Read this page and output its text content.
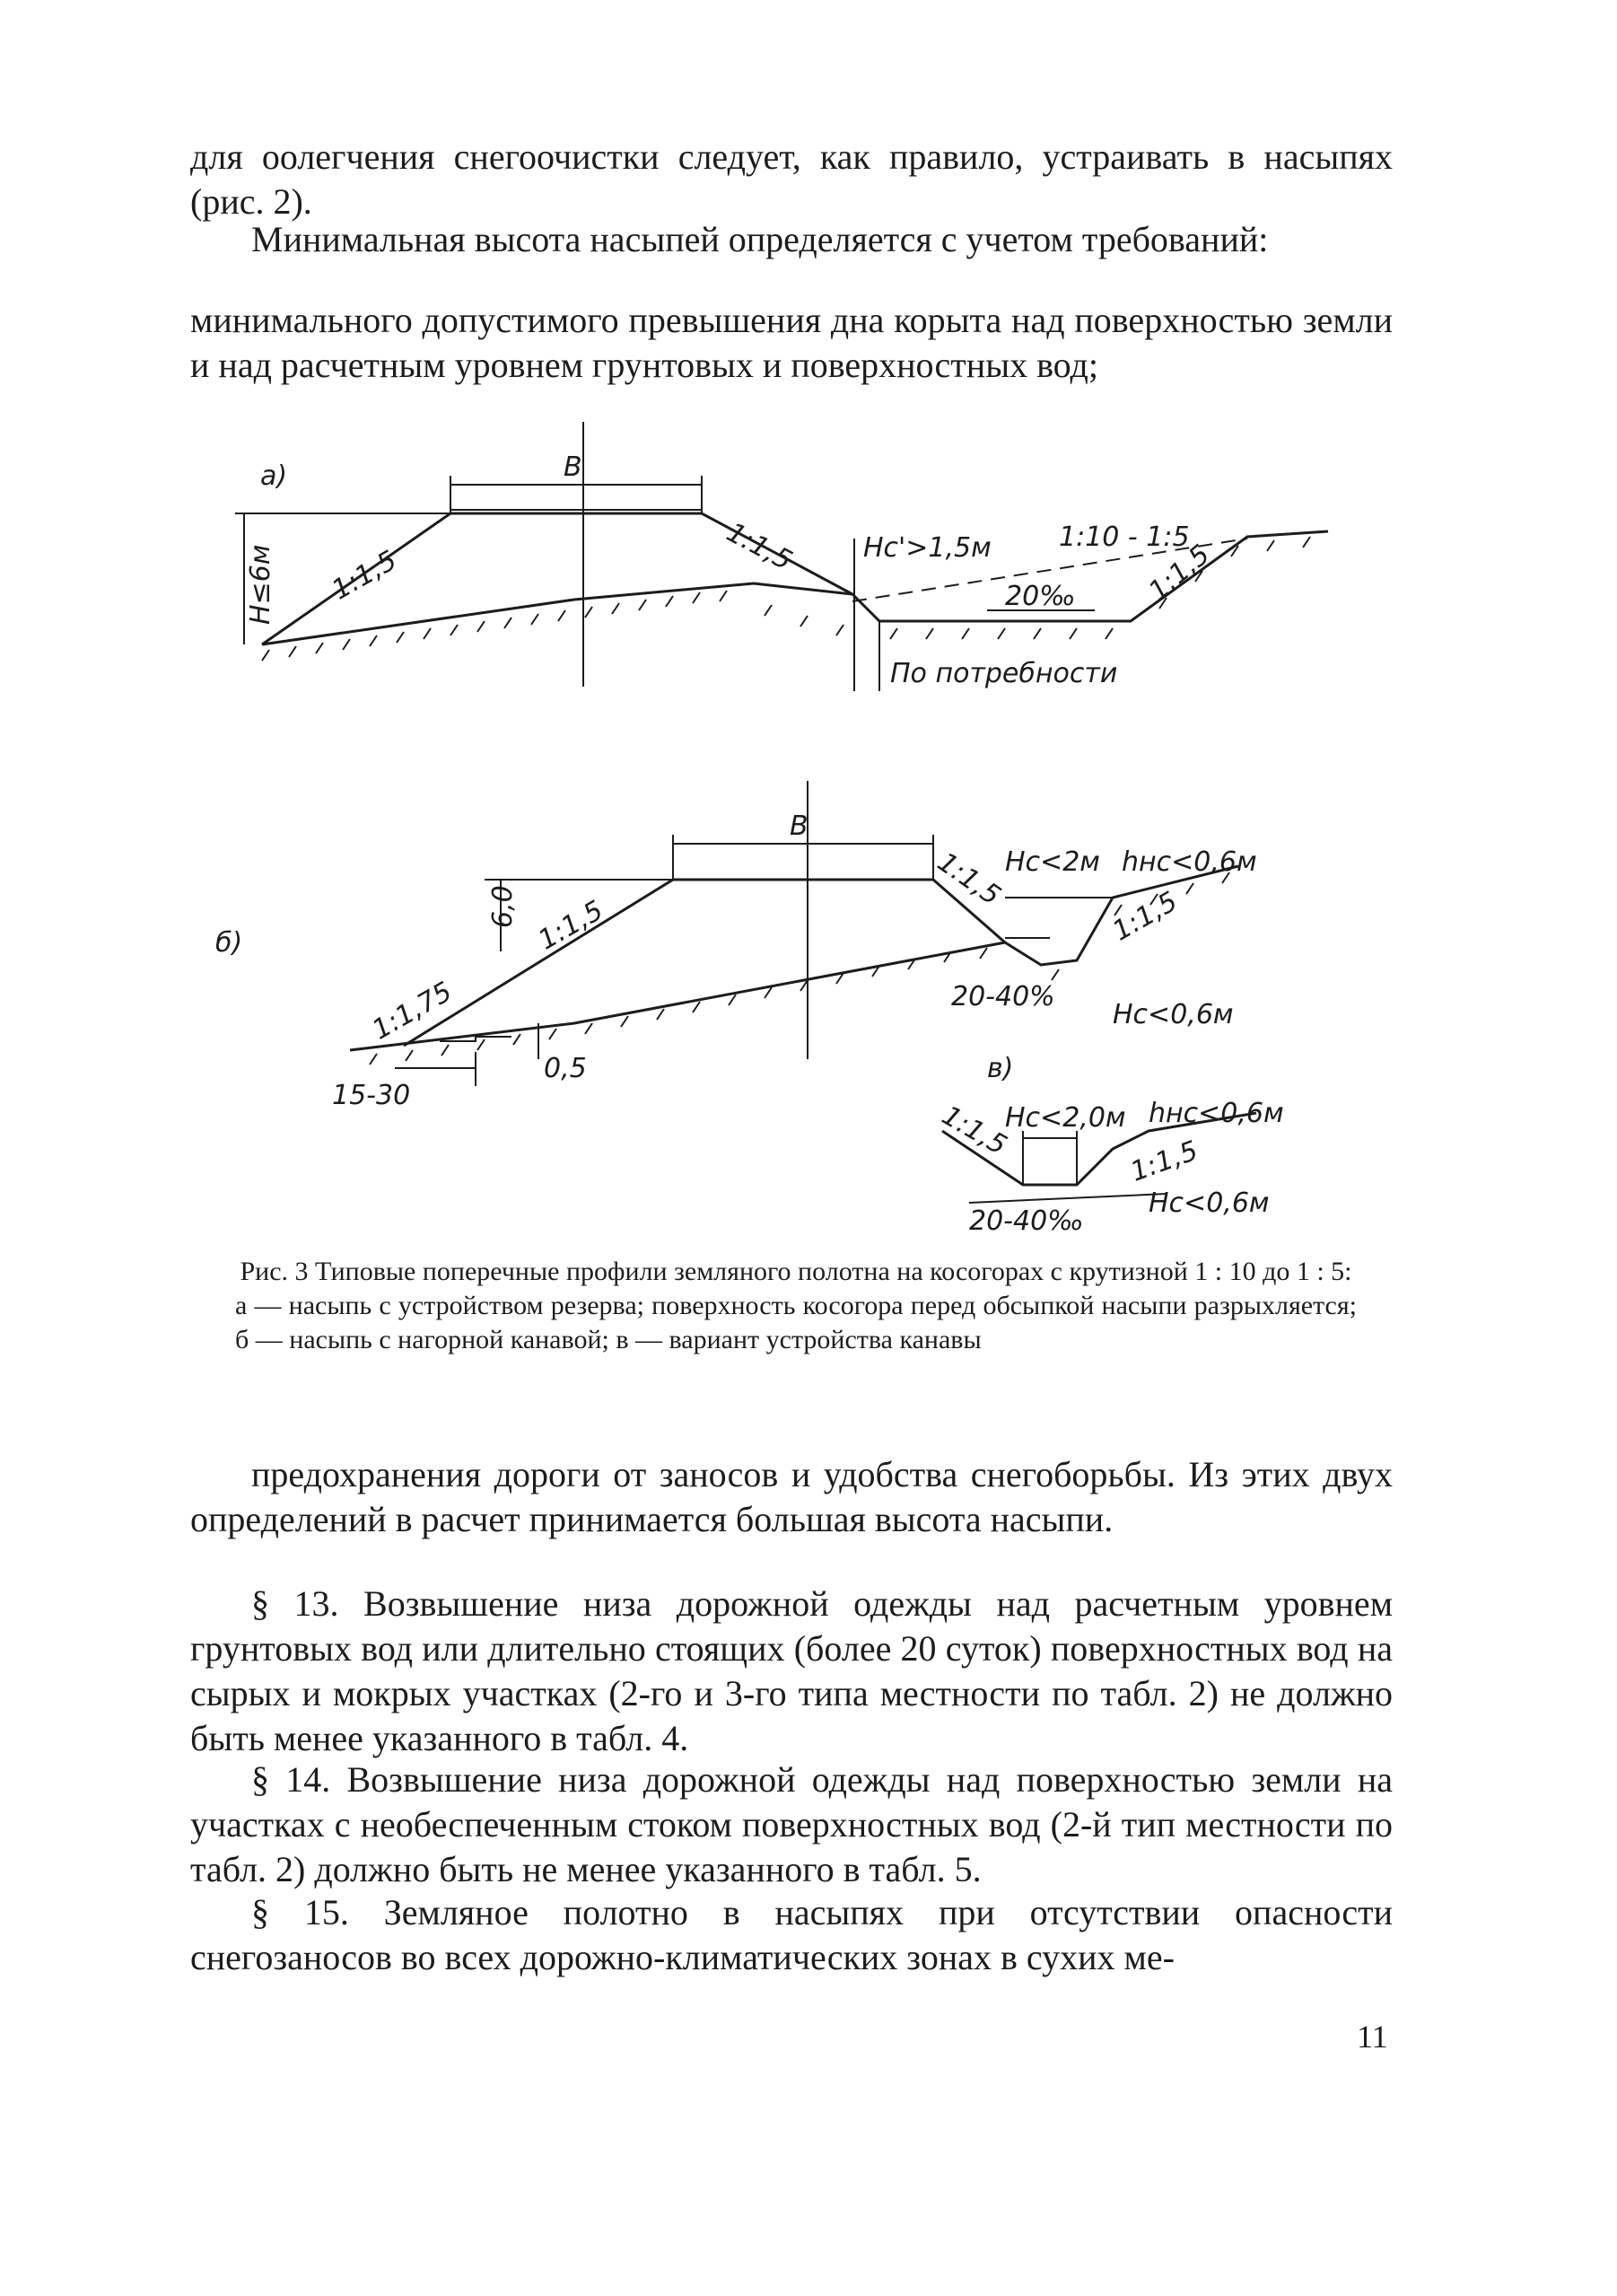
для оолегчения снегоочистки следует, как правило, устраивать в насыпях (рис. 2).

Минимальная высота насыпей определяется с учетом требований:

минимального допустимого превышения дна корыта над поверхностью земли и над расчетным уровнем грунтовых и поверхностных вод;

а)	В
Н≤6м 1:1,5	1:1,5 Нс'>1,5м	1:10 - 1:5
20‰	1:1,5
По потребности
б)
В
6,0 1:1,5
1:1,75
1:1,5
Нс<2м hнс<0,6м
1:1,5
20-40%
Нс<0,6м
0,5
15-30
в)
1:1,5
Нс<2,0м hнс<0,6м
1:1,5
20-40‰
Нс<0,6м
Рис. 3 Типовые поперечные профили земляного полотна на косогорах с крутизной 1 : 10 до 1 : 5:
а — насыпь с устройством резерва; поверхность косогора перед обсыпкой насыпи разрыхляется; б — насыпь с нагорной канавой; в — вариант устройства канавы

предохранения дороги от заносов и удобства снегоборьбы. Из этих двух определений в расчет принимается большая высота насыпи.

§ 13. Возвышение низа дорожной одежды над расчетным уровнем грунтовых вод или длительно стоящих (более 20 суток) поверхностных вод на сырых и мокрых участках (2-го и 3-го типа местности по табл. 2) не должно быть менее указанного в табл. 4.

§ 14. Возвышение низа дорожной одежды над поверхностью земли на участках с необеспеченным стоком поверхностных вод (2-й тип местности по табл. 2) должно быть не менее указанного в табл. 5.

§ 15. Земляное полотно в насыпях при отсутствии опасности снегозаносов во всех дорожно-климатических зонах в сухих ме-

11
